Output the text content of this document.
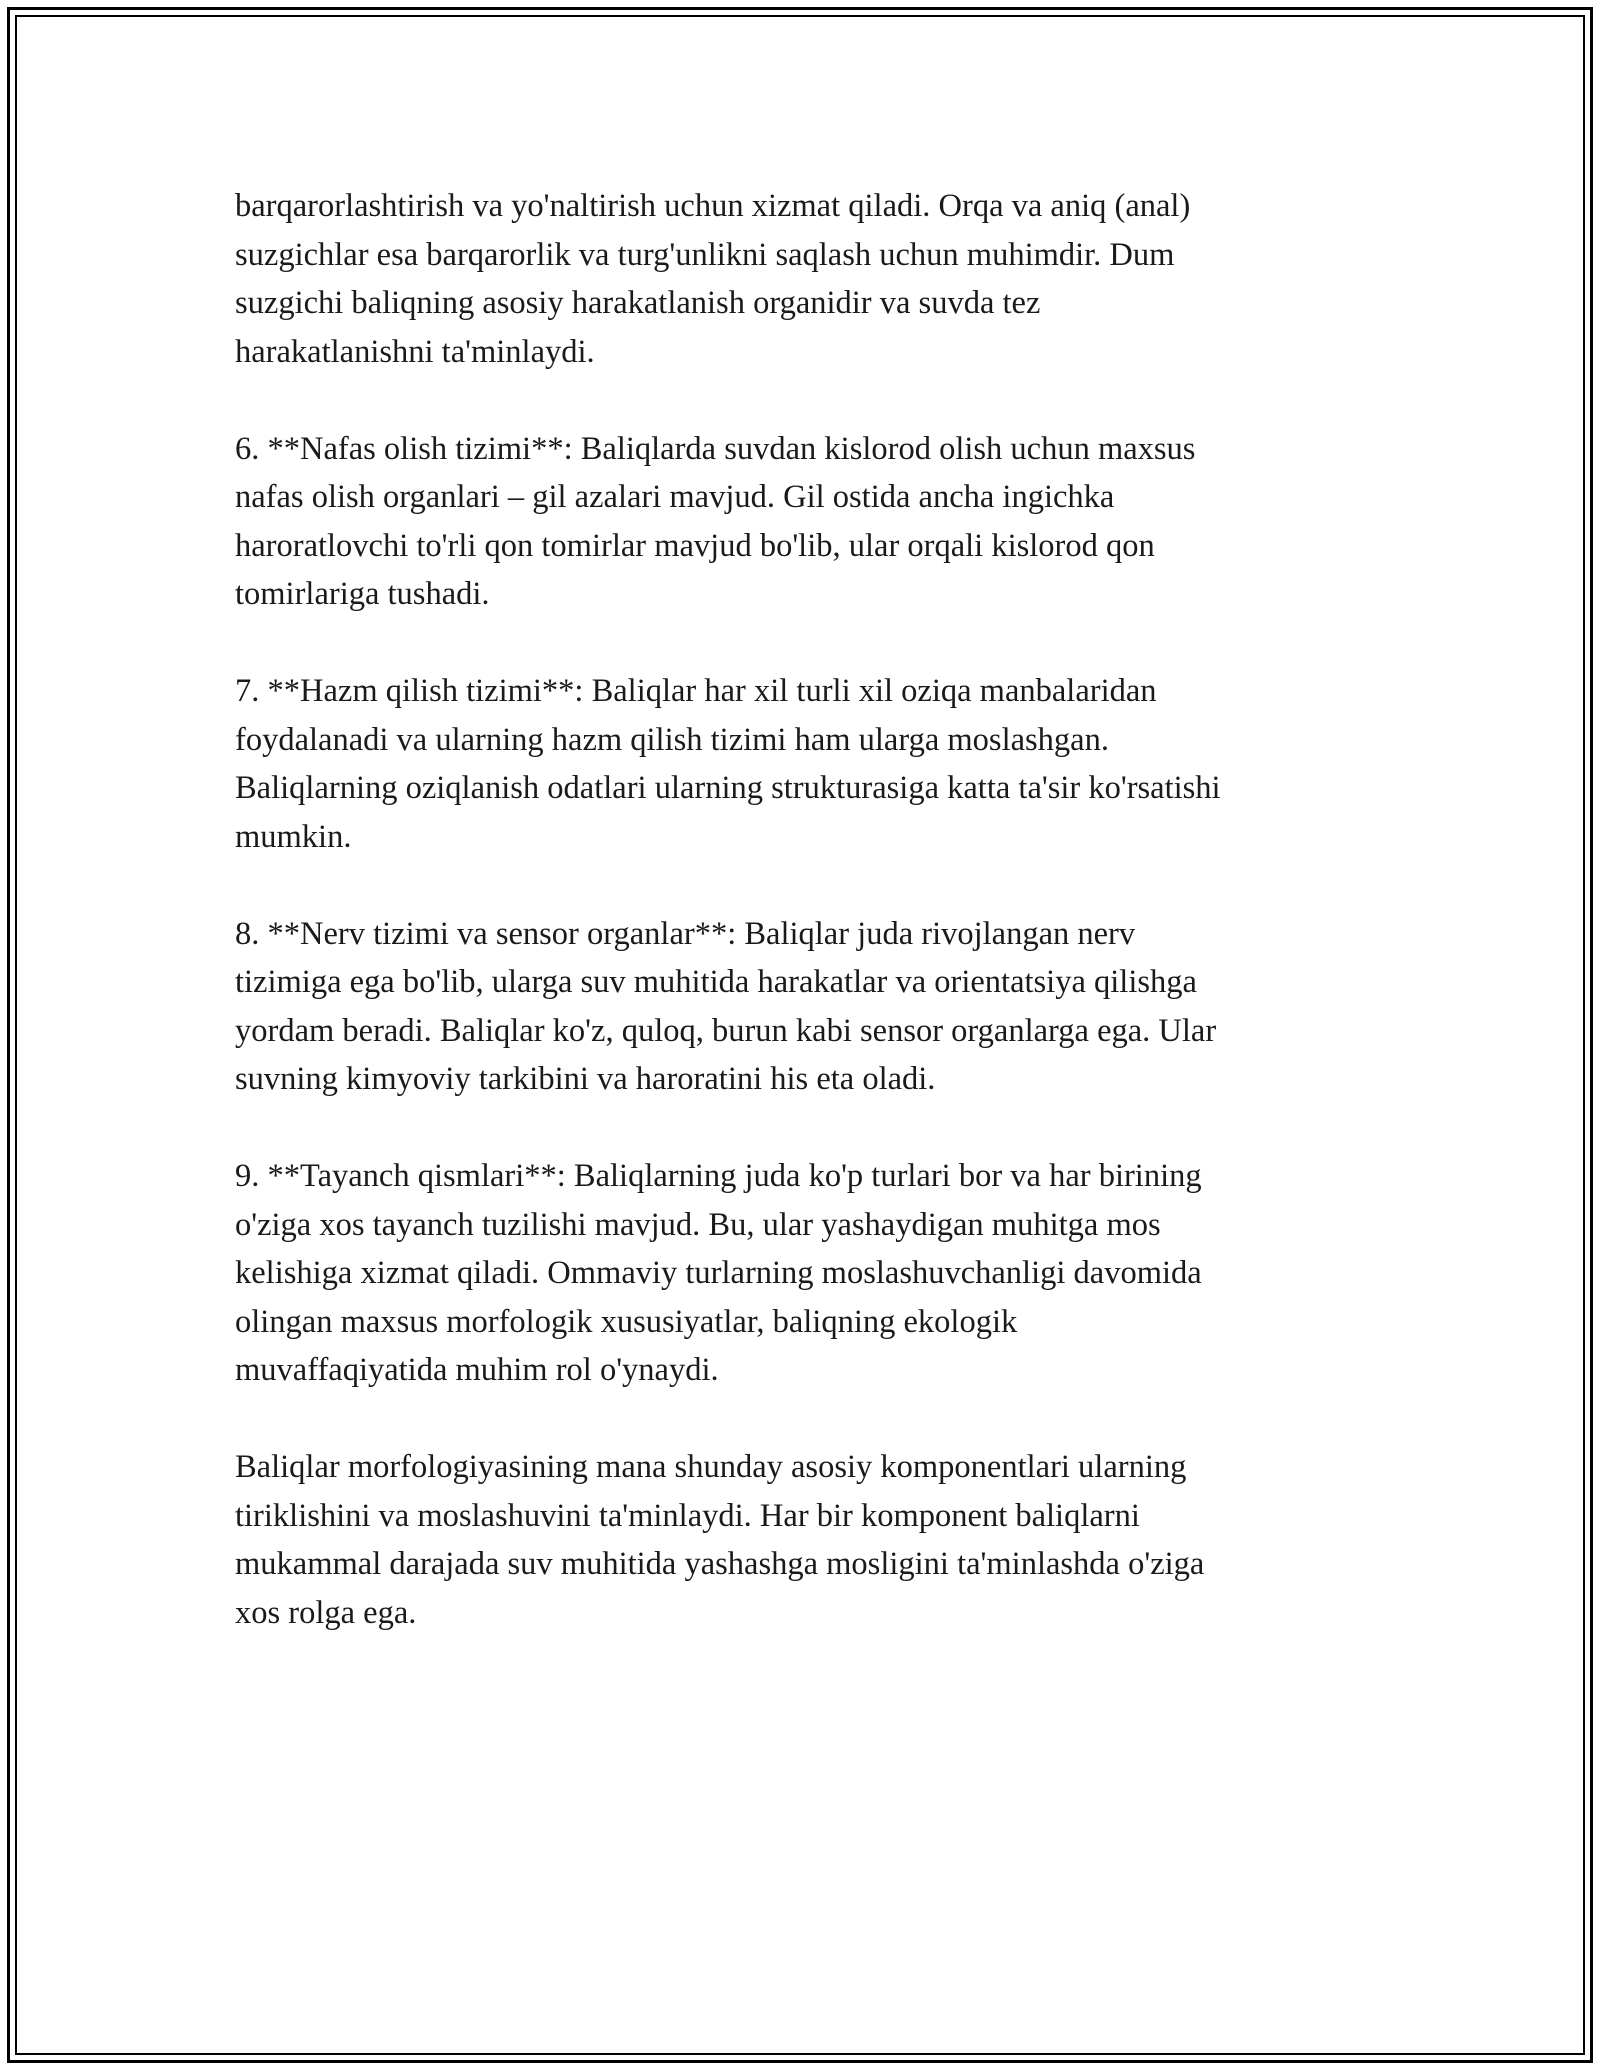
barqarorlashtirish va yo'naltirish uchun xizmat qiladi. Orqa va aniq (anal)
suzgichlar esa barqarorlik va turg'unlikni saqlash uchun muhimdir. Dum
suzgichi baliqning asosiy harakatlanish organidir va suvda tez
harakatlanishni ta'minlaydi.

6. **Nafas olish tizimi**: Baliqlarda suvdan kislorod olish uchun maxsus
nafas olish organlari – gil azalari mavjud. Gil ostida ancha ingichka
haroratlovchi to'rli qon tomirlar mavjud bo'lib, ular orqali kislorod qon
tomirlariga tushadi.

7. **Hazm qilish tizimi**: Baliqlar har xil turli xil oziqa manbalaridan
foydalanadi va ularning hazm qilish tizimi ham ularga moslashgan.
Baliqlarning oziqlanish odatlari ularning strukturasiga katta ta'sir ko'rsatishi
mumkin.

8. **Nerv tizimi va sensor organlar**: Baliqlar juda rivojlangan nerv
tizimiga ega bo'lib, ularga suv muhitida harakatlar va orientatsiya qilishga
yordam beradi. Baliqlar ko'z, quloq, burun kabi sensor organlarga ega. Ular
suvning kimyoviy tarkibini va haroratini his eta oladi.

9. **Tayanch qismlari**: Baliqlarning juda ko'p turlari bor va har birining
o'ziga xos tayanch tuzilishi mavjud. Bu, ular yashaydigan muhitga mos
kelishiga xizmat qiladi. Ommaviy turlarning moslashuvchanligi davomida
olingan maxsus morfologik xususiyatlar, baliqning ekologik
muvaffaqiyatida muhim rol o'ynaydi.

Baliqlar morfologiyasining mana shunday asosiy komponentlari ularning
tiriklishini va moslashuvini ta'minlaydi. Har bir komponent baliqlarni
mukammal darajada suv muhitida yashashga mosligini ta'minlashda o'ziga
xos rolga ega.
